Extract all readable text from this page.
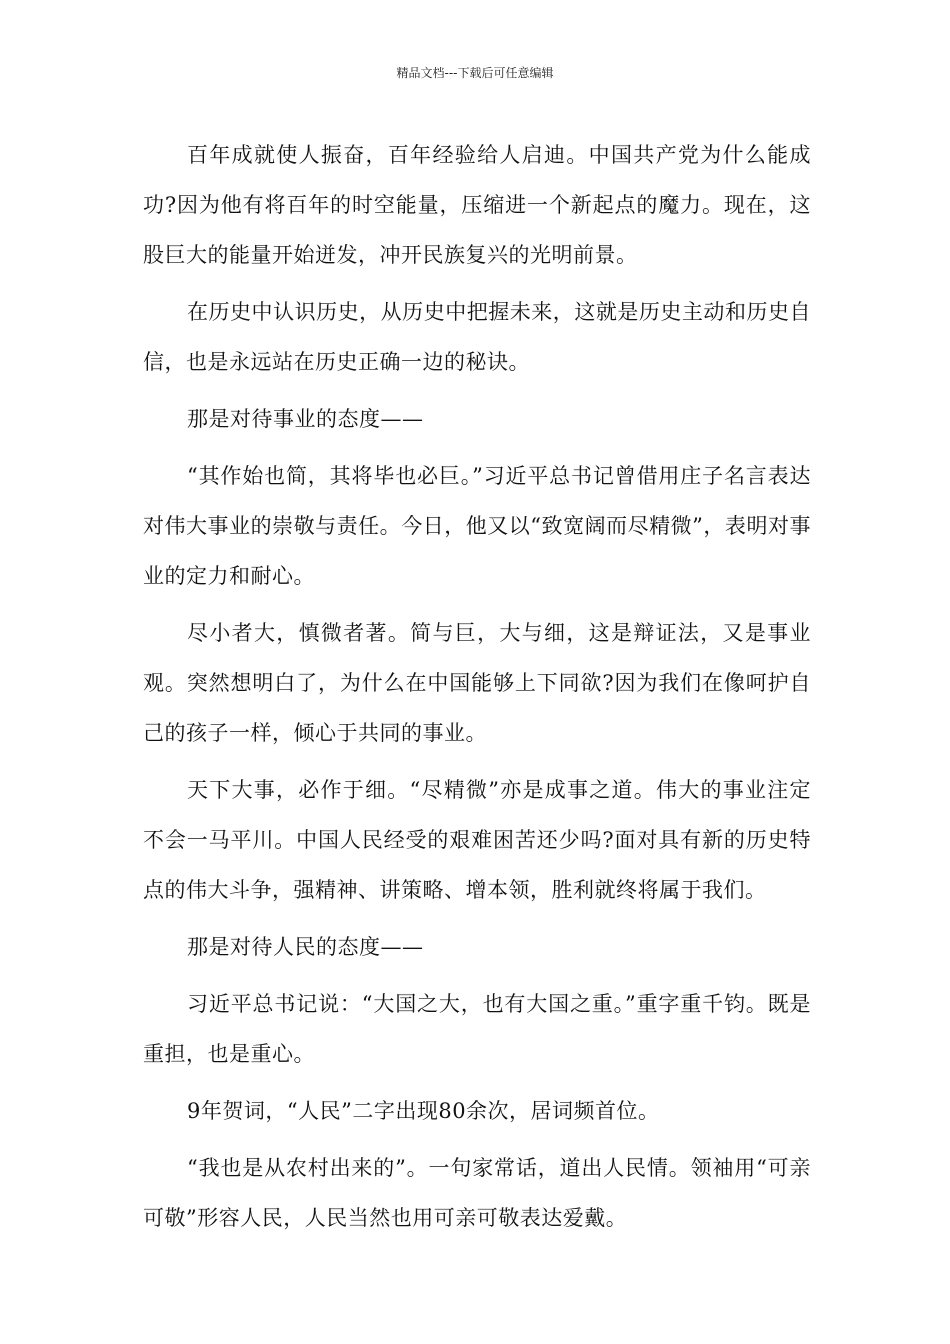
精品文档---下载后可任意编辑

百年成就使人振奋，百年经验给人启迪。中国共产党为什么能成功?因为他有将百年的时空能量，压缩进一个新起点的魔力。现在，这股巨大的能量开始迸发，冲开民族复兴的光明前景。

在历史中认识历史，从历史中把握未来，这就是历史主动和历史自信，也是永远站在历史正确一边的秘诀。

那是对待事业的态度——

“其作始也简，其将毕也必巨。”习近平总书记曾借用庄子名言表达对伟大事业的崇敬与责任。今日，他又以“致宽阔而尽精微”，表明对事业的定力和耐心。

尽小者大，慎微者著。简与巨，大与细，这是辩证法，又是事业观。突然想明白了，为什么在中国能够上下同欲?因为我们在像呵护自己的孩子一样，倾心于共同的事业。

天下大事，必作于细。“尽精微”亦是成事之道。伟大的事业注定不会一马平川。中国人民经受的艰难困苦还少吗?面对具有新的历史特点的伟大斗争，强精神、讲策略、增本领，胜利就终将属于我们。

那是对待人民的态度——

习近平总书记说：“大国之大，也有大国之重。”重字重千钧。既是重担，也是重心。

9年贺词，“人民”二字出现80余次，居词频首位。

“我也是从农村出来的”。一句家常话，道出人民情。领袖用“可亲可敬”形容人民，人民当然也用可亲可敬表达爱戴。
